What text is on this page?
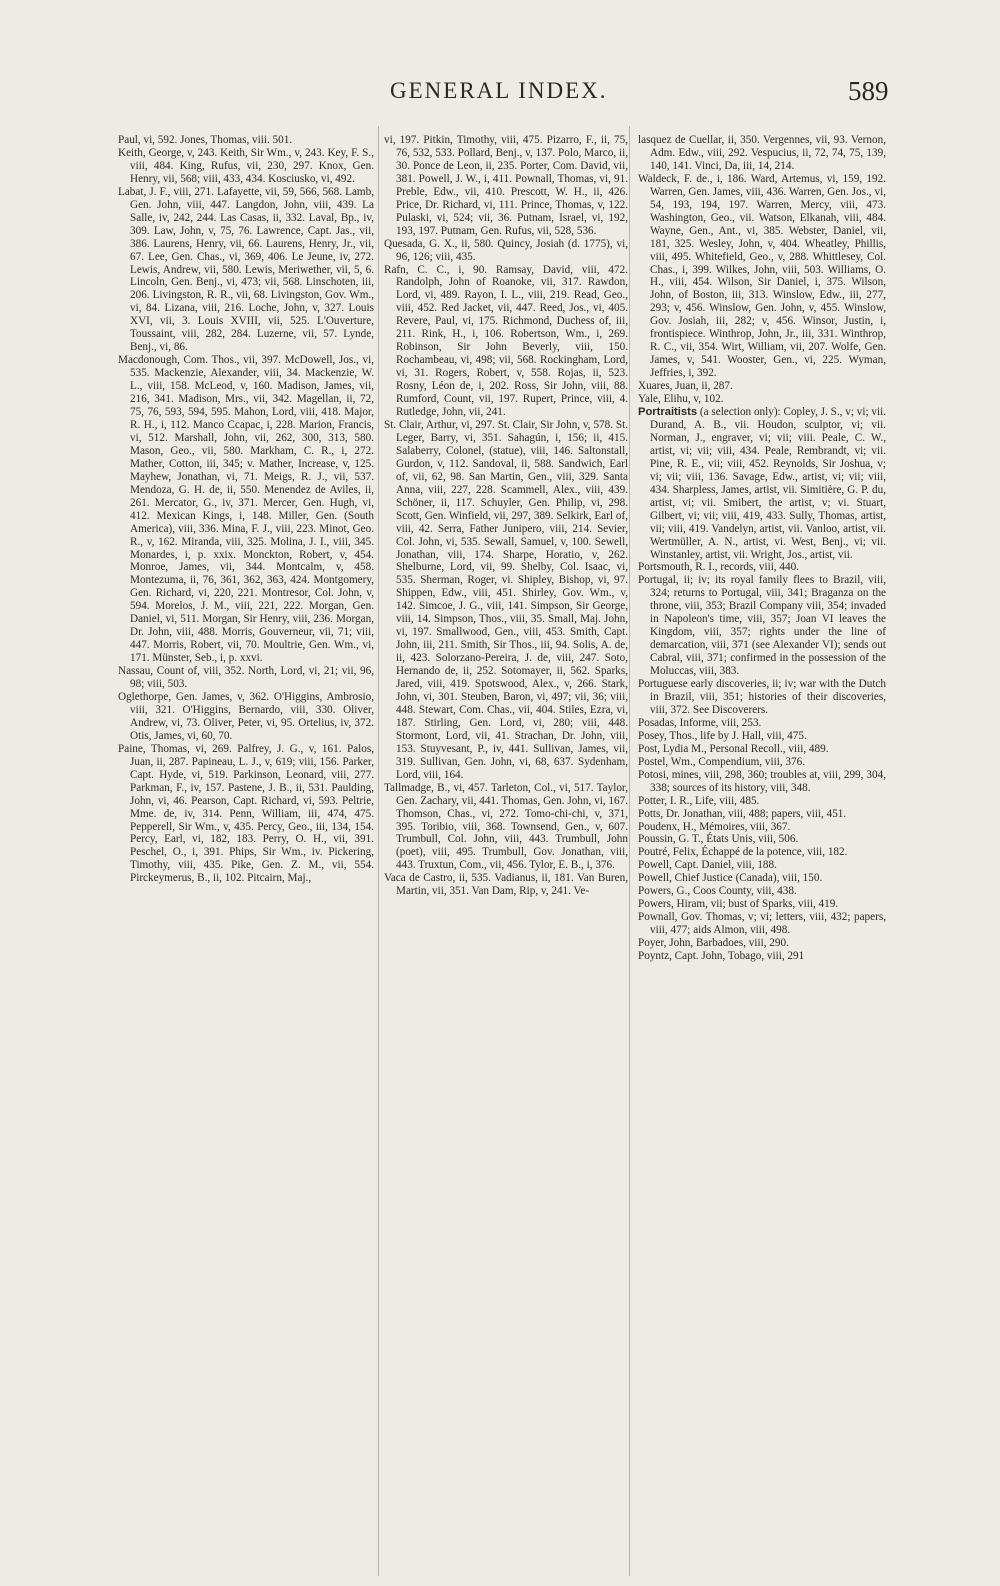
GENERAL INDEX.	589

Paul, vi, 592. Jones, Thomas, viii. 501.

Keith, George, v, 243. Keith, Sir Wm., v, 243. Key, F. S., viii, 484. King, Rufus, vii, 230, 297. Knox, Gen. Henry, vii, 568; viii, 433, 434. Kosciusko, vi, 492.

Labat, J. F., viii, 271. Lafayette, vii, 59, 566, 568. Lamb, Gen. John, viii, 447. Langdon, John, viii, 439. La Salle, iv, 242, 244. Las Casas, ii, 332. Laval, Bp., iv, 309. Law, John, v, 75, 76. Lawrence, Capt. Jas., vii, 386. Laurens, Henry, vii, 66. Laurens, Henry, Jr., vii, 67. Lee, Gen. Chas., vi, 369, 406. Le Jeune, iv, 272. Lewis, Andrew, vii, 580. Lewis, Meriwether, vii, 5, 6. Lincoln, Gen. Benj., vi, 473; vii, 568. Linschoten, iii, 206. Livingston, R. R., vii, 68. Livingston, Gov. Wm., vi, 84. Lizana, viii, 216. Loche, John, v, 327. Louis XVI, vii, 3. Louis XVIII, vii, 525. L'Ouverture, Toussaint, viii, 282, 284. Luzerne, vii, 57. Lynde, Benj., vi, 86.

Macdonough, Com. Thos., vii, 397. McDowell, Jos., vi, 535. Mackenzie, Alexander, viii, 34. Mackenzie, W. L., viii, 158. McLeod, v, 160. Madison, James, vii, 216, 341. Madison, Mrs., vii, 342. Magellan, ii, 72, 75, 76, 593, 594, 595. Mahon, Lord, viii, 418. Major, R. H., i, 112. Manco Ccapac, i, 228. Marion, Francis, vi, 512. Marshall, John, vii, 262, 300, 313, 580. Mason, Geo., vii, 580. Markham, C. R., i, 272. Mather, Cotton, iii, 345; v. Mather, Increase, v, 125. Mayhew, Jonathan, vi, 71. Meigs, R. J., vii, 537. Mendoza, G. H. de, ii, 550. Menendez de Aviles, ii, 261. Mercator, G., iv, 371. Mercer, Gen. Hugh, vi, 412. Mexican Kings, i, 148. Miller, Gen. (South America), viii, 336. Mina, F. J., viii, 223. Minot, Geo. R., v, 162. Miranda, viii, 325. Molina, J. I., viii, 345. Monardes, i, p. xxix. Monckton, Robert, v, 454. Monroe, James, vii, 344. Montcalm, v, 458. Montezuma, ii, 76, 361, 362, 363, 424. Montgomery, Gen. Richard, vi, 220, 221. Montresor, Col. John, v, 594. Morelos, J. M., viii, 221, 222. Morgan, Gen. Daniel, vi, 511. Morgan, Sir Henry, viii, 236. Morgan, Dr. John, viii, 488. Morris, Gouverneur, vii, 71; viii, 447. Morris, Robert, vii, 70. Moultrie, Gen. Wm., vi, 171. Münster, Seb., i, p. xxvi.

Nassau, Count of, viii, 352. North, Lord, vi, 21; vii, 96, 98; viii, 503.

Oglethorpe, Gen. James, v, 362. O'Higgins, Ambrosio, viii, 321. O'Higgins, Bernardo, viii, 330. Oliver, Andrew, vi, 73. Oliver, Peter, vi, 95. Ortelius, iv, 372. Otis, James, vi, 60, 70.

Paine, Thomas, vi, 269. Palfrey, J. G., v, 161. Palos, Juan, ii, 287. Papineau, L. J., v, 619; viii, 156. Parker, Capt. Hyde, vi, 519. Parkinson, Leonard, viii, 277. Parkman, F., iv, 157. Pastene, J. B., ii, 531. Paulding, John, vi, 46. Pearson, Capt. Richard, vi, 593. Peltrie, Mme. de, iv, 314. Penn, William, iii, 474, 475. Pepperell, Sir Wm., v, 435. Percy, Geo., iii, 134, 154. Percy, Earl, vi, 182, 183. Perry, O. H., vii, 391. Peschel, O., i, 391. Phips, Sir Wm., iv. Pickering, Timothy, viii, 435. Pike, Gen. Z. M., vii, 554. Pirckeymerus, B., ii, 102. Pitcairn, Maj.,

vi, 197. Pitkin, Timothy, viii, 475. Pizarro, F., ii, 75, 76, 532, 533. Pollard, Benj., v, 137. Polo, Marco, ii, 30. Ponce de Leon, ii, 235. Porter, Com. David, vii, 381. Powell, J. W., i, 411. Pownall, Thomas, vi, 91. Preble, Edw., vii, 410. Prescott, W. H., ii, 426. Price, Dr. Richard, vi, 111. Prince, Thomas, v, 122. Pulaski, vi, 524; vii, 36. Putnam, Israel, vi, 192, 193, 197. Putnam, Gen. Rufus, vii, 528, 536.

Quesada, G. X., ii, 580. Quincy, Josiah (d. 1775), vi, 96, 126; viii, 435.

Rafn, C. C., i, 90. Ramsay, David, viii, 472. Randolph, John of Roanoke, vii, 317. Rawdon, Lord, vi, 489. Rayon, I. L., viii, 219. Read, Geo., viii, 452. Red Jacket, vii, 447. Reed, Jos., vi, 405. Revere, Paul, vi, 175. Richmond, Duchess of, iii, 211. Rink, H., i, 106. Robertson, Wm., i, 269. Robinson, Sir John Beverly, viii, 150. Rochambeau, vi, 498; vii, 568. Rockingham, Lord, vi, 31. Rogers, Robert, v, 558. Rojas, ii, 523. Rosny, Léon de, i, 202. Ross, Sir John, viii, 88. Rumford, Count, vii, 197. Rupert, Prince, viii, 4. Rutledge, John, vii, 241.

St. Clair, Arthur, vi, 297. St. Clair, Sir John, v, 578. St. Leger, Barry, vi, 351. Sahagún, i, 156; ii, 415. Salaberry, Colonel, (statue), viii, 146. Saltonstall, Gurdon, v, 112. Sandoval, ii, 588. Sandwich, Earl of, vii, 62, 98. San Martin, Gen., viii, 329. Santa Anna, viii, 227, 228. Scammell, Alex., viii, 439. Schöner, ii, 117. Schuyler, Gen. Philip, vi, 298. Scott, Gen. Winfield, vii, 297, 389. Selkirk, Earl of, viii, 42. Serra, Father Junipero, viii, 214. Sevier, Col. John, vi, 535. Sewall, Samuel, v, 100. Sewell, Jonathan, viii, 174. Sharpe, Horatio, v, 262. Shelburne, Lord, vii, 99. Shelby, Col. Isaac, vi, 535. Sherman, Roger, vi. Shipley, Bishop, vi, 97. Shippen, Edw., viii, 451. Shirley, Gov. Wm., v, 142. Simcoe, J. G., viii, 141. Simpson, Sir George, viii, 14. Simpson, Thos., viii, 35. Small, Maj. John, vi, 197. Smallwood, Gen., viii, 453. Smith, Capt. John, iii, 211. Smith, Sir Thos., iii, 94. Solis, A. de, ii, 423. Solorzano-Pereira, J. de, viii, 247. Soto, Hernando de, ii, 252. Sotomayer, ii, 562. Sparks, Jared, viii, 419. Spotswood, Alex., v, 266. Stark, John, vi, 301. Steuben, Baron, vi, 497; vii, 36; viii, 448. Stewart, Com. Chas., vii, 404. Stiles, Ezra, vi, 187. Stirling, Gen. Lord, vi, 280; viii, 448. Stormont, Lord, vii, 41. Strachan, Dr. John, viii, 153. Stuyvesant, P., iv, 441. Sullivan, James, vii, 319. Sullivan, Gen. John, vi, 68, 637. Sydenham, Lord, viii, 164.

Tallmadge, B., vi, 457. Tarleton, Col., vi, 517. Taylor, Gen. Zachary, vii, 441. Thomas, Gen. John, vi, 167. Thomson, Chas., vi, 272. Tomo-chi-chi, v, 371, 395. Toribio, viii, 368. Townsend, Gen., v, 607. Trumbull, Col. John, viii, 443. Trumbull, John (poet), viii, 495. Trumbull, Gov. Jonathan, viii, 443. Truxtun, Com., vii, 456. Tylor, E. B., i, 376.

Vaca de Castro, ii, 535. Vadianus, ii, 181. Van Buren, Martin, vii, 351. Van Dam, Rip, v, 241. Ve-

lasquez de Cuellar, ii, 350. Vergennes, vii, 93. Vernon, Adm. Edw., viii, 292. Vespucius, ii, 72, 74, 75, 139, 140, 141. Vinci, Da, iii, 14, 214.

Waldeck, F. de., i, 186. Ward, Artemus, vi, 159, 192. Warren, Gen. James, viii, 436. Warren, Gen. Jos., vi, 54, 193, 194, 197. Warren, Mercy, viii, 473. Washington, Geo., vii. Watson, Elkanah, viii, 484. Wayne, Gen., Ant., vi, 385. Webster, Daniel, vii, 181, 325. Wesley, John, v, 404. Wheatley, Phillis, viii, 495. Whitefield, Geo., v, 288. Whittlesey, Col. Chas., i, 399. Wilkes, John, viii, 503. Williams, O. H., viii, 454. Wilson, Sir Daniel, i, 375. Wilson, John, of Boston, iii, 313. Winslow, Edw., iii, 277, 293; v, 456. Winslow, Gen. John, v, 455. Winslow, Gov. Josiah, iii, 282; v, 456. Winsor, Justin, i, frontispiece. Winthrop, John, Jr., iii, 331. Winthrop, R. C., vii, 354. Wirt, William, vii, 207. Wolfe, Gen. James, v, 541. Wooster, Gen., vi, 225. Wyman, Jeffries, i, 392.

Xuares, Juan, ii, 287.

Yale, Elihu, v, 102.

Portraitists (a selection only): Copley, J. S., v; vi; vii. Durand, A. B., vii. Houdon, sculptor, vi; vii. Norman, J., engraver, vi; vii; viii. Peale, C. W., artist, vi; vii; viii, 434. Peale, Rembrandt, vi; vii. Pine, R. E., vii; viii, 452. Reynolds, Sir Joshua, v; vi; vii; viii, 136. Savage, Edw., artist, vi; vii; viii, 434. Sharpless, James, artist, vii. Simitière, G. P. du, artist, vi; vii. Smibert, the artist, v; vi. Stuart, Gilbert, vi; vii; viii, 419, 433. Sully, Thomas, artist, vii; viii, 419. Vandelyn, artist, vii. Vanloo, artist, vii. Wertmüller, A. N., artist, vi. West, Benj., vi; vii. Winstanley, artist, vii. Wright, Jos., artist, vii.

Portsmouth, R. I., records, viii, 440.

Portugal, ii; iv; its royal family flees to Brazil, viii, 324; returns to Portugal, viii, 341; Braganza on the throne, viii, 353; Brazil Company viii, 354; invaded in Napoleon's time, viii, 357; Joan VI leaves the Kingdom, viii, 357; rights under the line of demarcation, viii, 371 (see Alexander VI); sends out Cabral, viii, 371; confirmed in the possession of the Moluccas, viii, 383.

Portuguese early discoveries, ii; iv; war with the Dutch in Brazil, viii, 351; histories of their discoveries, viii, 372. See Discoverers.

Posadas, Informe, viii, 253.

Posey, Thos., life by J. Hall, viii, 475.

Post, Lydia M., Personal Recoll., viii, 489.

Postel, Wm., Compendium, viii, 376.

Potosi, mines, viii, 298, 360; troubles at, viii, 299, 304, 338; sources of its history, viii, 348.

Potter, I. R., Life, viii, 485.

Potts, Dr. Jonathan, viii, 488; papers, viii, 451.

Poudenx, H., Mémoires, viii, 367.

Poussin, G. T., États Unis, viii, 506.

Poutré, Felix, Échappé de la potence, viii, 182.

Powell, Capt. Daniel, viii, 188.

Powell, Chief Justice (Canada), viii, 150.

Powers, G., Coos County, viii, 438.

Powers, Hiram, vii; bust of Sparks, viii, 419.

Pownall, Gov. Thomas, v; vi; letters, viii, 432; papers, viii, 477; aids Almon, viii, 498.

Poyer, John, Barbadoes, viii, 290.

Poyntz, Capt. John, Tobago, viii, 291
